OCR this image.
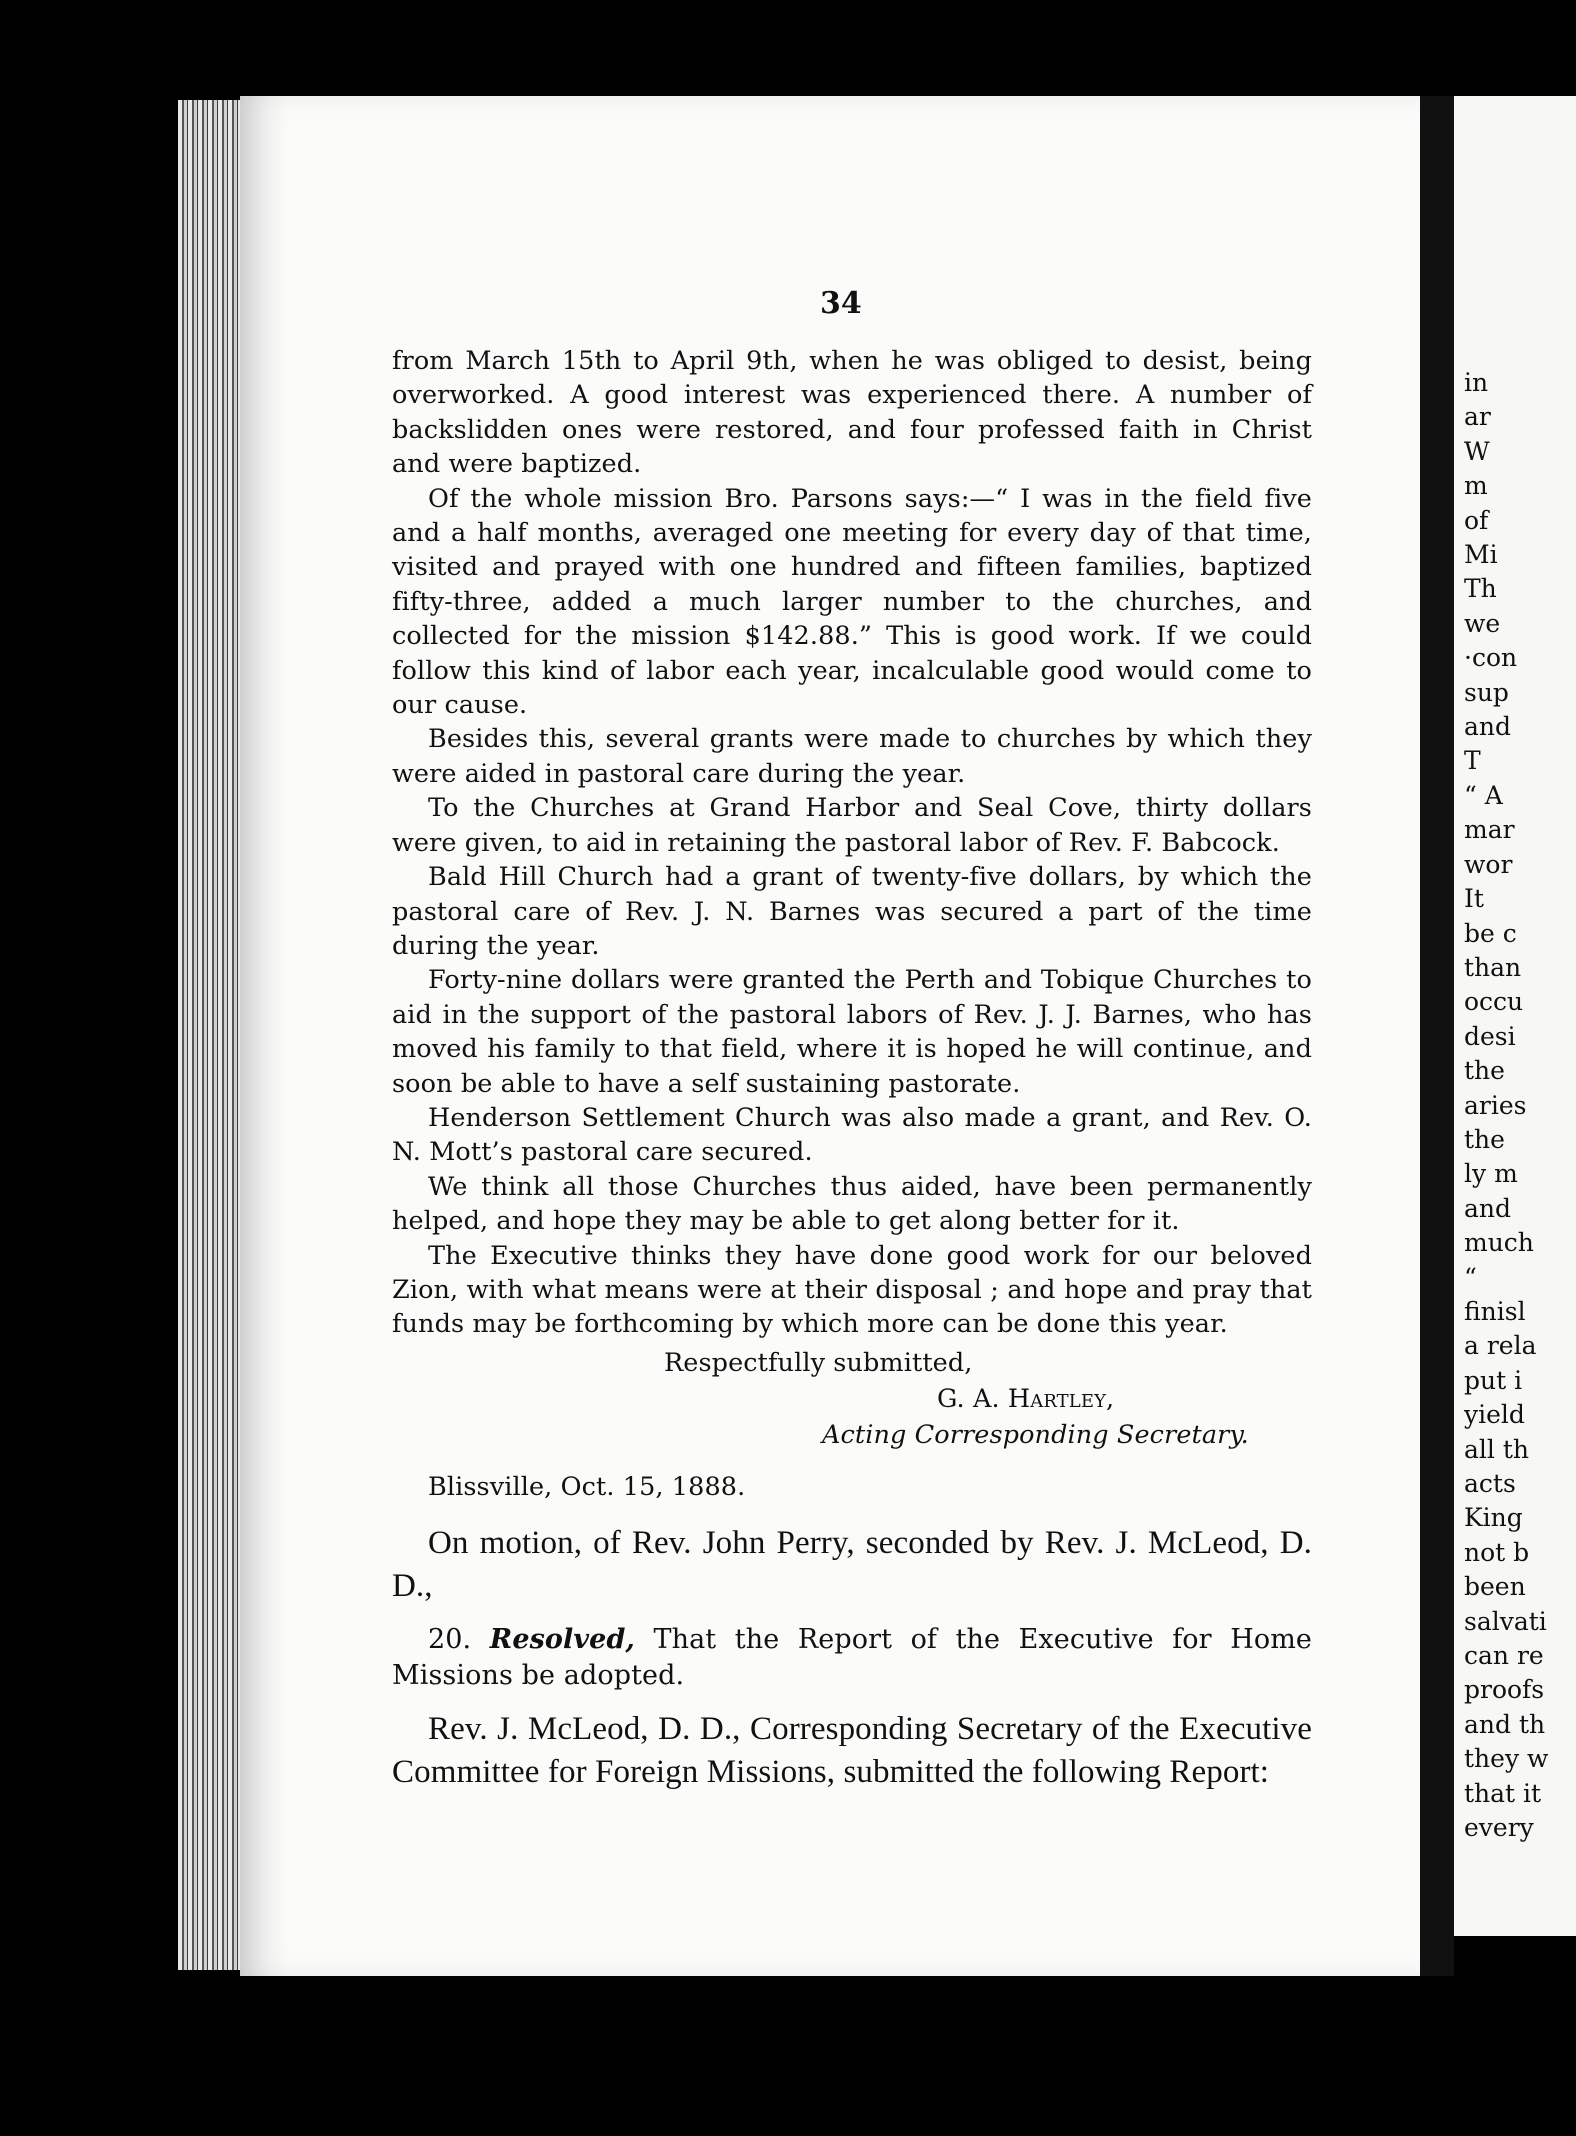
in
ar
W
m
of
Mi
Th
we
·con
sup
and
T
“ A
mar
wor
It
be c
than
occu
desi
the
aries
the
ly m
and
much
“
finisl
a rela
put i
yield
all th
acts
King
not b
been
salvati
can re
proofs
and th
they w
that it
every
34

from March 15th to April 9th, when he was obliged to desist, being overworked. A good interest was experienced there. A number of backslidden ones were restored, and four professed faith in Christ and were baptized.

Of the whole mission Bro. Parsons says:—“ I was in the field five and a half months, averaged one meeting for every day of that time, visited and prayed with one hundred and fifteen families, baptized fifty-three, added a much larger number to the churches, and collected for the mission $142.88.” This is good work. If we could follow this kind of labor each year, incalculable good would come to our cause.

Besides this, several grants were made to churches by which they were aided in pastoral care during the year.

To the Churches at Grand Harbor and Seal Cove, thirty dollars were given, to aid in retaining the pastoral labor of Rev. F. Babcock.

Bald Hill Church had a grant of twenty-five dollars, by which the pastoral care of Rev. J. N. Barnes was secured a part of the time during the year.

Forty-nine dollars were granted the Perth and Tobique Churches to aid in the support of the pastoral labors of Rev. J. J. Barnes, who has moved his family to that field, where it is hoped he will continue, and soon be able to have a self sustaining pastorate.

Henderson Settlement Church was also made a grant, and Rev. O. N. Mott’s pastoral care secured.

We think all those Churches thus aided, have been permanently helped, and hope they may be able to get along better for it.

The Executive thinks they have done good work for our beloved Zion, with what means were at their disposal ; and hope and pray that funds may be forthcoming by which more can be done this year.

Respectfully submitted,
G. A. Hartley,
Acting Corresponding Secretary.

Blissville, Oct. 15, 1888.

On motion, of Rev. John Perry, seconded by Rev. J. McLeod, D. D.,

20. Resolved, That the Report of the Executive for Home Missions be adopted.

Rev. J. McLeod, D. D., Corresponding Secretary of the Executive Committee for Foreign Missions, submitted the following Report:
